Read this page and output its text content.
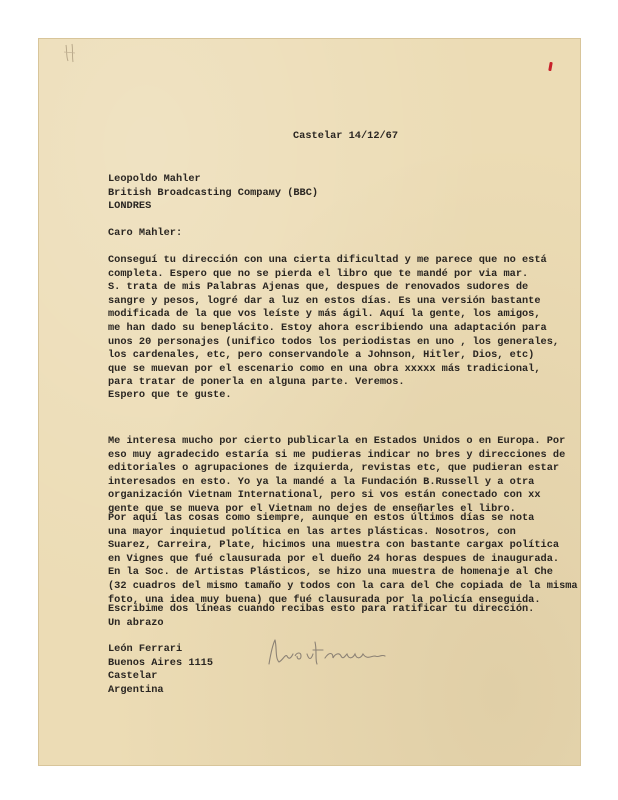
Castelar 14/12/67
Leopoldo Mahler
British Broadcasting Compaмy (BBC)
LONDRES
Caro Mahler:
Conseguí tu dirección con una cierta dificultad y me parece que no está
completa. Espero que no se pierda el libro que te mandé por via mar.
S. trata de mis Palabras Ajenas que, despues de renovados sudores de
sangre y pesos, logré dar a luz en estos días. Es una versión bastante
modificada de la que vos leíste y más ágil. Aquí la gente, los amigos,
me han dado su beneplácito. Estoy ahora escribiendo una adaptación para
unos 20 personajes (unifico todos los periodistas en uno , los generales,
los cardenales, etc, pero conservandole a Johnson, Hitler, Dios, etc)
que se muevan por el escenario como en una obra xxxxx más tradicional,
para tratar de ponerla en alguna parte. Veremos.
Espero que te guste.
Me interesa mucho por cierto publicarla en Estados Unidos o en Europa. Por
eso muy agradecido estaría si me pudieras indicar no bres y direcciones de
editoriales o agrupaciones de izquierda, revistas etc, que pudieran estar
interesados en esto. Yo ya la mandé a la Fundación B.Russell y a otra
organización Vietnam International, pero si vos están conectado con xx
gente que se mueva por el Vietnam no dejes de enseñarles el libro.
Por aquí las cosas como siempre, aunque en estos últimos días se nota
una mayor inquietud política en las artes plásticas. Nosotros, con
Suarez, Carreira, Plate, hicimos una muestra con bastante cargax política
en Vignes que fué clausurada por el dueño 24 horas despues de inaugurada.
En la Soc. de Artistas Plásticos, se hizo una muestra de homenaje al Che
(32 cuadros del mismo tamaño y todos con la cara del Che copiada de la misma
foto, una idea muy buena) que fué clausurada por la policía enseguida.
Escribime dos líneas cuando recibas esto para ratificar tu dirección.
Un abrazo
León Ferrari
Buenos Aires 1115
Castelar
Argentina
